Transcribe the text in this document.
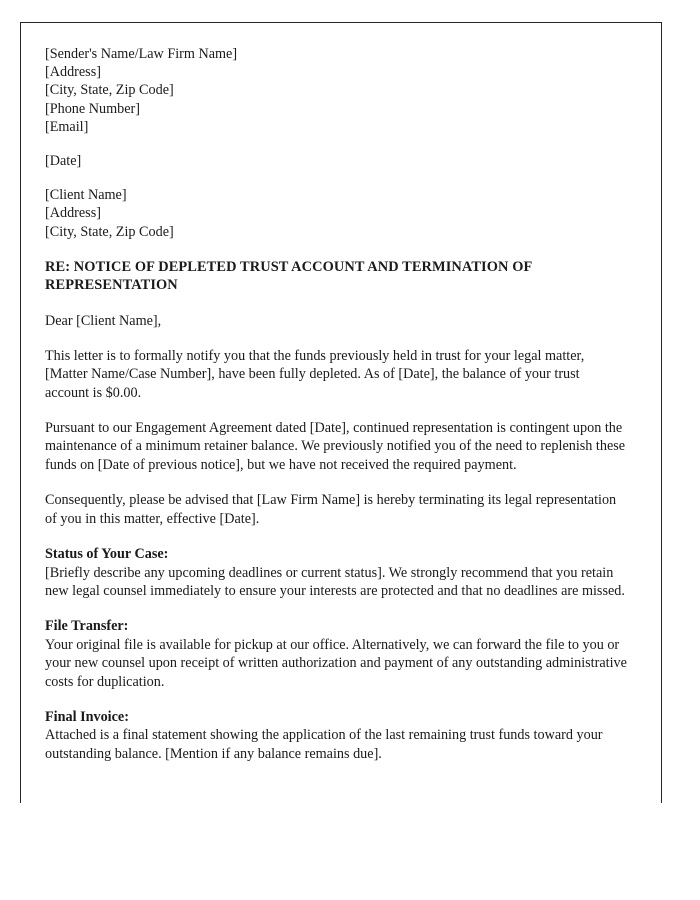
[Sender's Name/Law Firm Name]
[Address]
[City, State, Zip Code]
[Phone Number]
[Email]
[Date]
[Client Name]
[Address]
[City, State, Zip Code]
RE: NOTICE OF DEPLETED TRUST ACCOUNT AND TERMINATION OF REPRESENTATION
Dear [Client Name],

This letter is to formally notify you that the funds previously held in trust for your legal matter, [Matter Name/Case Number], have been fully depleted. As of [Date], the balance of your trust account is $0.00.

Pursuant to our Engagement Agreement dated [Date], continued representation is contingent upon the maintenance of a minimum retainer balance. We previously notified you of the need to replenish these funds on [Date of previous notice], but we have not received the required payment.

Consequently, please be advised that [Law Firm Name] is hereby terminating its legal representation of you in this matter, effective [Date].

Status of Your Case:

[Briefly describe any upcoming deadlines or current status]. We strongly recommend that you retain new legal counsel immediately to ensure your interests are protected and that no deadlines are missed.

File Transfer:

Your original file is available for pickup at our office. Alternatively, we can forward the file to you or your new counsel upon receipt of written authorization and payment of any outstanding administrative costs for duplication.

Final Invoice:

Attached is a final statement showing the application of the last remaining trust funds toward your outstanding balance. [Mention if any balance remains due].
